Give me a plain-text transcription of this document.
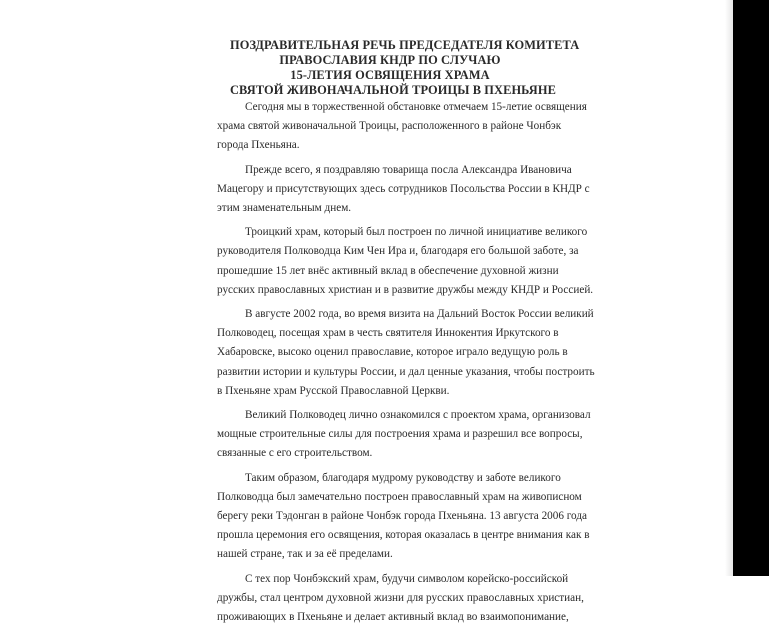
ПОЗДРАВИТЕЛЬНАЯ РЕЧЬ ПРЕДСЕДАТЕЛЯ КОМИТЕТА
ПРАВОСЛАВИЯ КНДР ПО СЛУЧАЮ
15-ЛЕТИЯ ОСВЯЩЕНИЯ ХРАМА
СВЯТОЙ ЖИВОНАЧАЛЬНОЙ ТРОИЦЫ В ПХЕНЬЯНЕ
Сегодня мы в торжественной обстановке отмечаем 15-летие освящения
храма святой живоначальной Троицы, расположенного в районе Чонбэк
города Пхеньяна.
Прежде всего, я поздравляю товарища посла Александра Ивановича
Мацегору и присутствующих здесь сотрудников Посольства России в КНДР с
этим знаменательным днем.
Троицкий храм, который был построен по личной инициативе великого
руководителя Полководца Ким Чен Ира и, благодаря его большой заботе, за
прошедшие 15 лет внёс активный вклад в обеспечение духовной жизни
русских православных христиан и в развитие дружбы между КНДР и Россией.
В августе 2002 года, во время визита на Дальний Восток России великий
Полководец, посещая храм в честь святителя Иннокентия Иркутского в
Хабаровске, высоко оценил православие, которое играло ведущую роль в
развитии истории и культуры России, и дал ценные указания, чтобы построить
в Пхеньяне храм Русской Православной Церкви.
Великий Полководец лично ознакомился с проектом храма, организовал
мощные строительные силы для построения храма и разрешил все вопросы,
связанные с его строительством.
Таким образом, благодаря мудрому руководству и заботе великого
Полководца был замечательно построен православный храм на живописном
берегу реки Тэдонган в районе Чонбэк города Пхеньяна. 13 августа 2006 года
прошла церемония его освящения, которая оказалась в центре внимания как в
нашей стране, так и за её пределами.
С тех пор Чонбэкский храм, будучи символом корейско-российской
дружбы, стал центром духовной жизни для русских православных христиан,
проживающих в Пхеньяне и делает активный вклад во взаимопонимание,
